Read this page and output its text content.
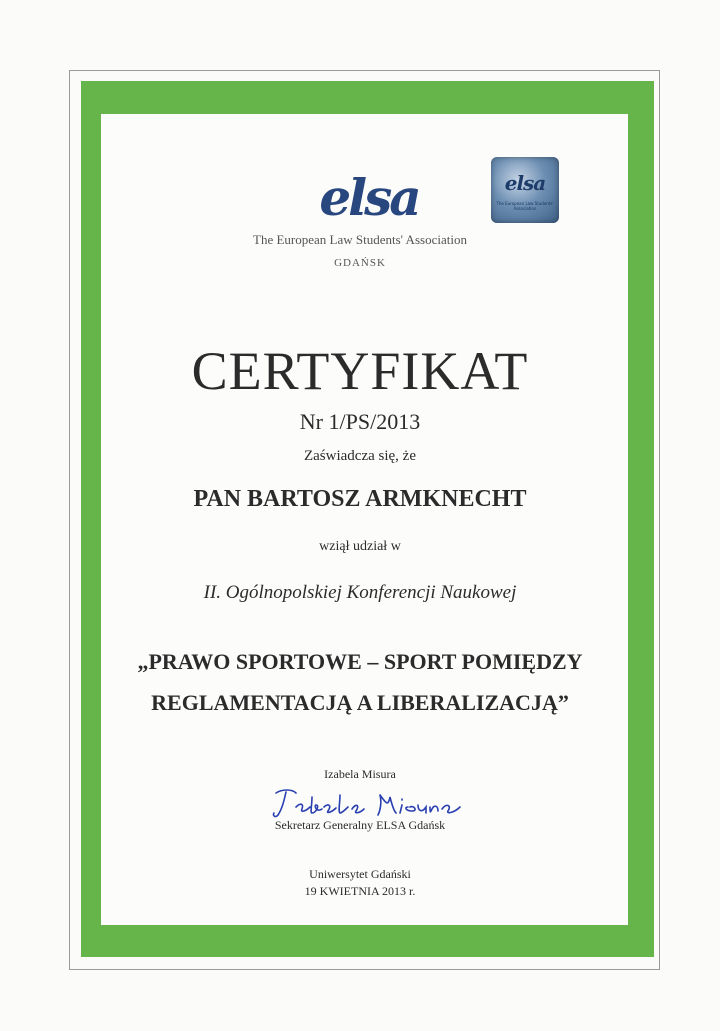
elsa	elsa
The European Law Students' Association
The European Law Students' Association
GDAŃSK
CERTYFIKAT
Nr 1/PS/2013
Zaświadcza się, że
PAN BARTOSZ ARMKNECHT
wziął udział w
II. Ogólnopolskiej Konferencji Naukowej
„PRAWO SPORTOWE – SPORT POMIĘDZY
REGLAMENTACJĄ A LIBERALIZACJĄ”
Izabela Misura
Izabela Misura
Sekretarz Generalny ELSA Gdańsk
Uniwersytet Gdański
19 KWIETNIA 2013 r.
